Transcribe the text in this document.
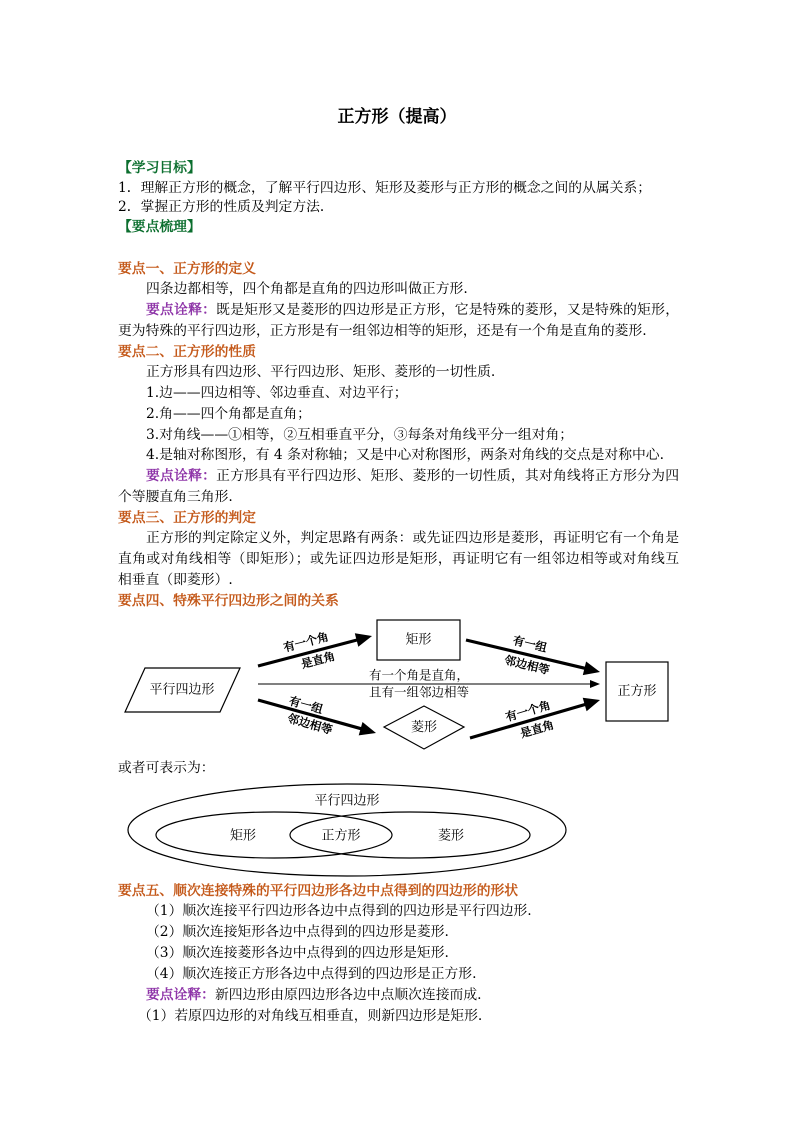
正方形（提高）
【学习目标】
1．理解正方形的概念，了解平行四边形、矩形及菱形与正方形的概念之间的从属关系；
2．掌握正方形的性质及判定方法．
【要点梳理】
要点一、正方形的定义
四条边都相等，四个角都是直角的四边形叫做正方形.
要点诠释：既是矩形又是菱形的四边形是正方形，它是特殊的菱形，又是特殊的矩形，
更为特殊的平行四边形，正方形是有一组邻边相等的矩形，还是有一个角是直角的菱形.
要点二、正方形的性质
正方形具有四边形、平行四边形、矩形、菱形的一切性质.
1.边——四边相等、邻边垂直、对边平行；
2.角——四个角都是直角；
3.对角线——①相等，②互相垂直平分，③每条对角线平分一组对角；
4.是轴对称图形，有 4 条对称轴；又是中心对称图形，两条对角线的交点是对称中心.
要点诠释：正方形具有平行四边形、矩形、菱形的一切性质，其对角线将正方形分为四
个等腰直角三角形.
要点三、正方形的判定
正方形的判定除定义外，判定思路有两条：或先证四边形是菱形，再证明它有一个角是
直角或对角线相等（即矩形）；或先证四边形是矩形，再证明它有一组邻边相等或对角线互
相垂直（即菱形）.
要点四、特殊平行四边形之间的关系
平行四边形
矩形
正方形
菱形
有一个角
是直角
有一组
邻边相等
有一个角是直角，
且有一组邻边相等
有一组
邻边相等	有一个角
是直角
或者可表示为：
平行四边形
矩形	正方形	菱形
要点五、顺次连接特殊的平行四边形各边中点得到的四边形的形状
（1）顺次连接平行四边形各边中点得到的四边形是平行四边形.
（2）顺次连接矩形各边中点得到的四边形是菱形.
（3）顺次连接菱形各边中点得到的四边形是矩形.
（4）顺次连接正方形各边中点得到的四边形是正方形.
要点诠释：新四边形由原四边形各边中点顺次连接而成.
（1）若原四边形的对角线互相垂直，则新四边形是矩形.
